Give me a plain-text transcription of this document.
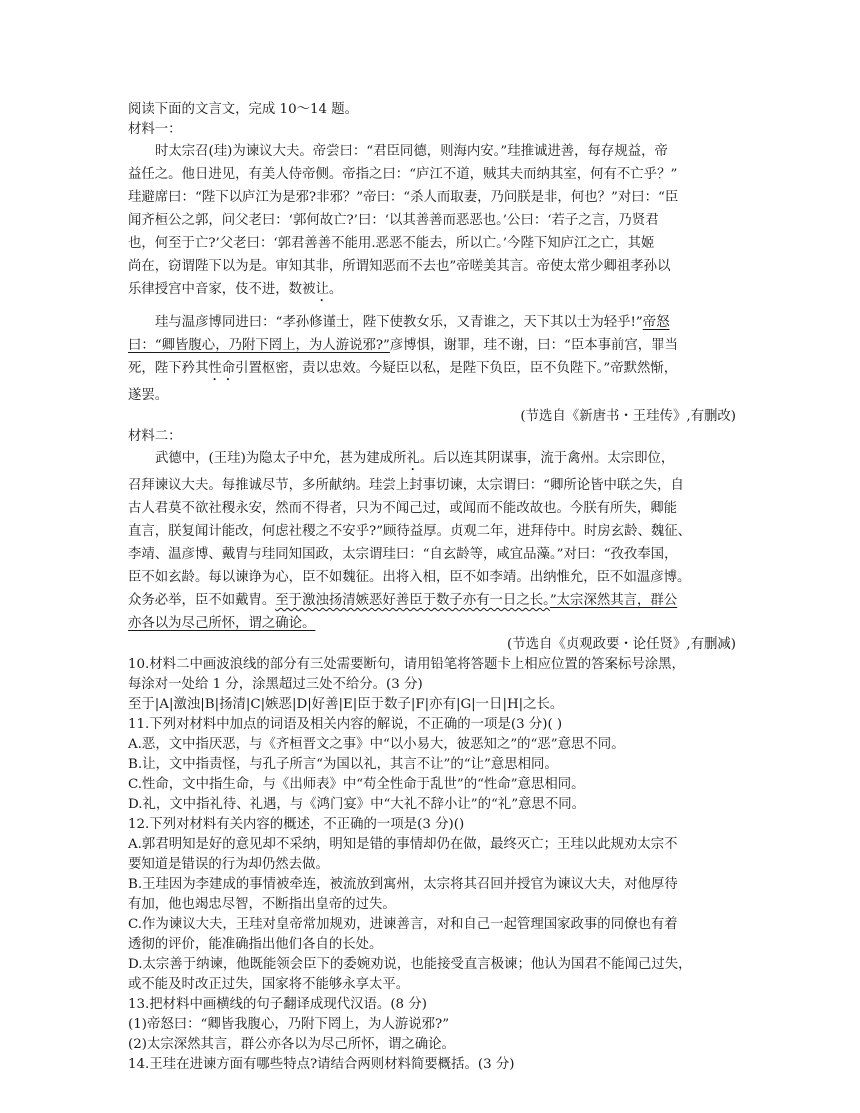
阅读下面的文言文，完成 10～14 题。
材料一：
时太宗召(珪)为谏议大夫。帝尝曰：“君臣同德，则海内安。”珪推诚进善，每存规益，帝
益任之。他日进见，有美人侍帝侧。帝指之曰：“庐江不道，贼其夫而纳其室，何有不亡乎？”
珪避席曰：“陛下以庐江为是邪?非邪？”帝曰：“杀人而取妻，乃问朕是非，何也？”对曰：“臣
闻齐桓公之郭，问父老曰：‘郭何故亡?’曰：‘以其善善而恶恶也。’公曰：‘若子之言，乃贤君
也，何至于亡?’父老曰：‘郭君善善不能用.恶恶不能去，所以亡。’今陛下知庐江之亡，其姬
尚在，窃谓陛下以为是。审知其非，所谓知恶而不去也”帝嗟美其言。帝使太常少卿祖孝孙以
乐律授宫中音家，伎不进，数被让。
珪与温彦博同进曰：“孝孙修谨士，陛下使教女乐，又青谁之，天下其以士为轻乎!”帝怒
曰：“卿皆腹心，乃附下罔上，为人游说邪?”彦博惧，谢罪，珪不谢，曰：“臣本事前宫，罪当
死，陛下矜其性命引置枢密，责以忠效。今疑臣以私，是陛下负臣，臣不负陛下。”帝默然惭，
遂罢。
(节选自《新唐书・王珪传》,有删改)
材料二：
武德中，(王珪)为隐太子中允，甚为建成所礼。后以连其阴谋事，流于禽州。太宗即位，
召拜谏议大夫。每推诚尽节，多所献纳。珪尝上封事切谏，太宗谓曰：“卿所论皆中联之失，自
古人君莫不欲社稷永安，然而不得者，只为不闻己过，或闻而不能改故也。今朕有所失，卿能
直言，朕复闻计能改，何虑社稷之不安乎?”顾待益厚。贞观二年，进拜侍中。时房玄龄、魏征、
李靖、温彦博、戴胄与珪同知国政，太宗谓珪曰：“自玄龄等，咸宜品藻。”对曰：“孜孜奉国，
臣不如玄龄。每以谏诤为心，臣不如魏征。出将入相，臣不如李靖。出纳惟允，臣不如温彦博。
众务必举，臣不如戴胄。至于激浊扬清嫉恶好善臣于数子亦有一日之长。”太宗深然其言，群公
亦各以为尽己所怀，谓之确论。
(节选自《贞观政要・论任贤》,有删减)
10.材料二中画波浪线的部分有三处需要断句，请用铅笔将答题卡上相应位置的答案标号涂黑，
每涂对一处给 1 分，涂黑超过三处不给分。(3 分)
至于|A|激浊|B|扬清|C|嫉恶|D|好善|E|臣于数子|F|亦有|G|一日|H|之长。
11.下列对材料中加点的词语及相关内容的解说，不正确的一项是(3 分)( )
A.恶，文中指厌恶，与《齐桓晋文之事》中“以小易大，彼恶知之”的“恶”意思不同。
B.让，文中指责怪，与孔子所言“为国以礼，其言不让”的“让”意思相同。
C.性命，文中指生命，与《出师表》中“苟全性命于乱世”的“性命”意思相同。
D.礼，文中指礼待、礼遇，与《鸿门宴》中“大礼不辞小让”的“礼”意思不同。
12.下列对材料有关内容的概述，不正确的一项是(3 分)()
A.郭君明知是好的意见却不采纳，明知是错的事情却仍在做，最终灭亡；王珪以此规劝太宗不
要知道是错误的行为却仍然去做。
B.王珪因为李建成的事情被牵连，被流放到寓州，太宗将其召回并授官为谏议大夫，对他厚待
有加，他也竭忠尽智，不断指出皇帝的过失。
C.作为谏议大夫，王珪对皇帝常加规劝，进谏善言，对和自己一起管理国家政事的同僚也有着
透彻的评价，能准确指出他们各自的长处。
D.太宗善于纳谏，他既能领会臣下的委婉劝说，也能接受直言极谏；他认为国君不能闻己过失，
或不能及时改正过失，国家将不能够永享太平。
13.把材料中画横线的句子翻译成现代汉语。(8 分)
(1)帝怒曰：“卿皆我腹心，乃附下罔上，为人游说邪?”
(2)太宗深然其言，群公亦各以为尽己所怀，谓之确论。
14.王珪在进谏方面有哪些特点?请结合两则材料简要概括。(3 分)
